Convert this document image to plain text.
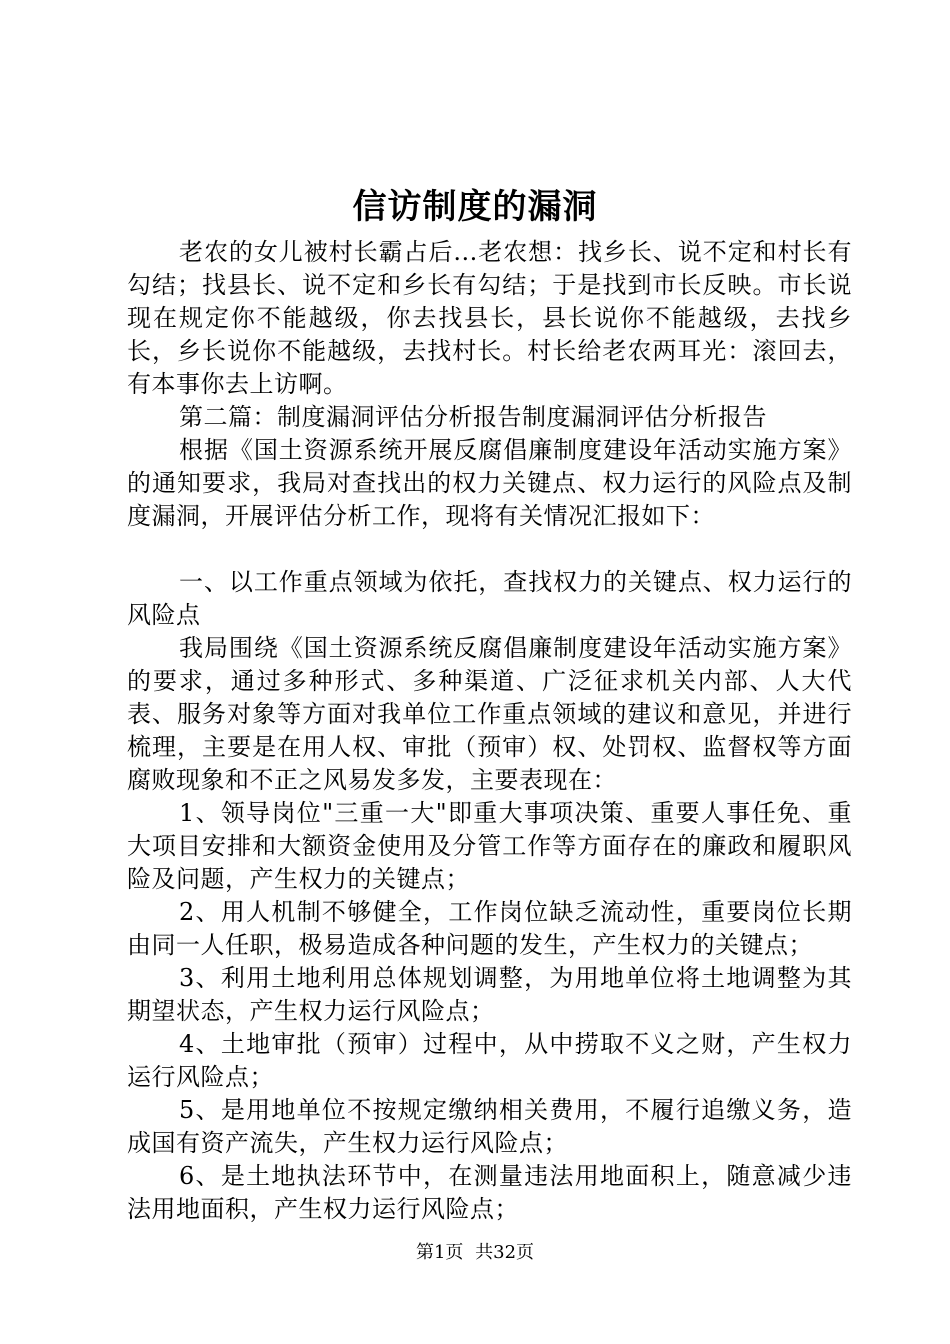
信访制度的漏洞

老农的女儿被村长霸占后...老农想：找乡长、说不定和村长有勾结；找县长、说不定和乡长有勾结；于是找到市长反映。市长说现在规定你不能越级，你去找县长，县长说你不能越级，去找乡长，乡长说你不能越级，去找村长。村长给老农两耳光：滚回去，有本事你去上访啊。

第二篇：制度漏洞评估分析报告制度漏洞评估分析报告

根据《国土资源系统开展反腐倡廉制度建设年活动实施方案》的通知要求，我局对查找出的权力关键点、权力运行的风险点及制度漏洞，开展评估分析工作，现将有关情况汇报如下：

一、以工作重点领域为依托，查找权力的关键点、权力运行的风险点

我局围绕《国土资源系统反腐倡廉制度建设年活动实施方案》的要求，通过多种形式、多种渠道、广泛征求机关内部、人大代表、服务对象等方面对我单位工作重点领域的建议和意见，并进行梳理，主要是在用人权、审批（预审）权、处罚权、监督权等方面腐败现象和不正之风易发多发，主要表现在：

1、领导岗位"三重一大"即重大事项决策、重要人事任免、重大项目安排和大额资金使用及分管工作等方面存在的廉政和履职风险及问题，产生权力的关键点；

2、用人机制不够健全，工作岗位缺乏流动性，重要岗位长期由同一人任职，极易造成各种问题的发生，产生权力的关键点；

3、利用土地利用总体规划调整，为用地单位将土地调整为其期望状态，产生权力运行风险点；

4、土地审批（预审）过程中，从中捞取不义之财，产生权力运行风险点；

5、是用地单位不按规定缴纳相关费用，不履行追缴义务，造成国有资产流失，产生权力运行风险点；

6、是土地执法环节中，在测量违法用地面积上，随意减少违法用地面积，产生权力运行风险点；

第1页 共32页
